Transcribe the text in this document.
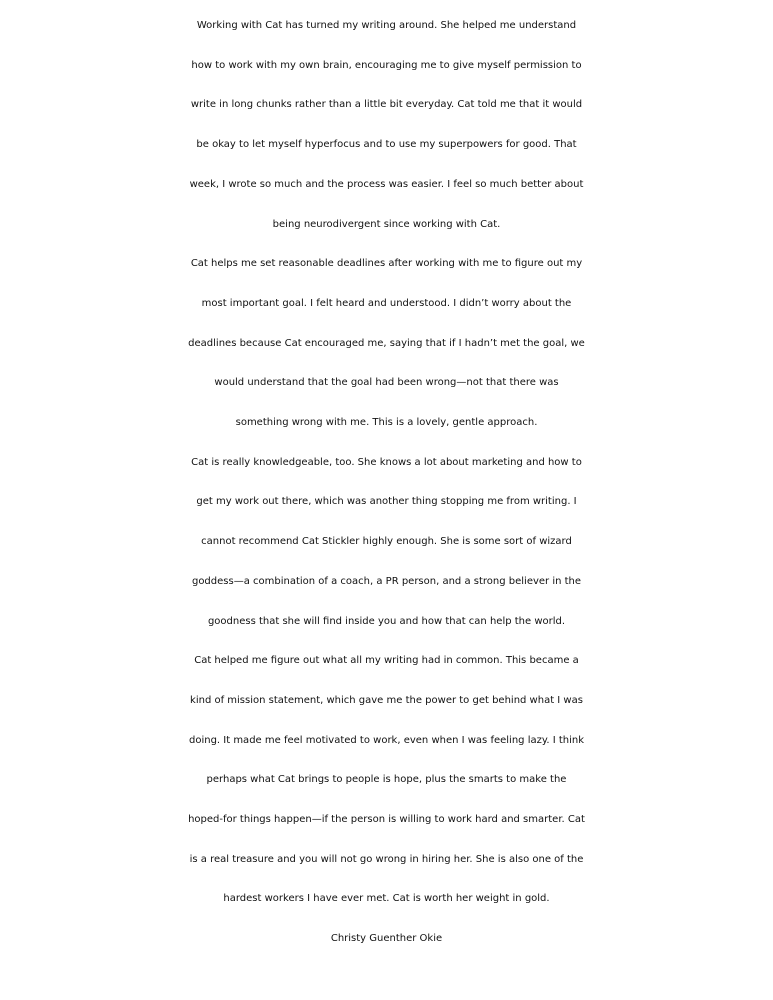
Working with Cat has turned my writing around. She helped me understand
how to work with my own brain, encouraging me to give myself permission to
write in long chunks rather than a little bit everyday. Cat told me that it would
be okay to let myself hyperfocus and to use my superpowers for good. That
week, I wrote so much and the process was easier. I feel so much better about
being neurodivergent since working with Cat.
Cat helps me set reasonable deadlines after working with me to figure out my
most important goal. I felt heard and understood. I didn’t worry about the
deadlines because Cat encouraged me, saying that if I hadn’t met the goal, we
would understand that the goal had been wrong—not that there was
something wrong with me. This is a lovely, gentle approach.
Cat is really knowledgeable, too. She knows a lot about marketing and how to
get my work out there, which was another thing stopping me from writing. I
cannot recommend Cat Stickler highly enough. She is some sort of wizard
goddess—a combination of a coach, a PR person, and a strong believer in the
goodness that she will find inside you and how that can help the world.
Cat helped me figure out what all my writing had in common. This became a
kind of mission statement, which gave me the power to get behind what I was
doing. It made me feel motivated to work, even when I was feeling lazy. I think
perhaps what Cat brings to people is hope, plus the smarts to make the
hoped-for things happen—if the person is willing to work hard and smarter. Cat
is a real treasure and you will not go wrong in hiring her. She is also one of the
hardest workers I have ever met. Cat is worth her weight in gold.
Christy Guenther Okie
